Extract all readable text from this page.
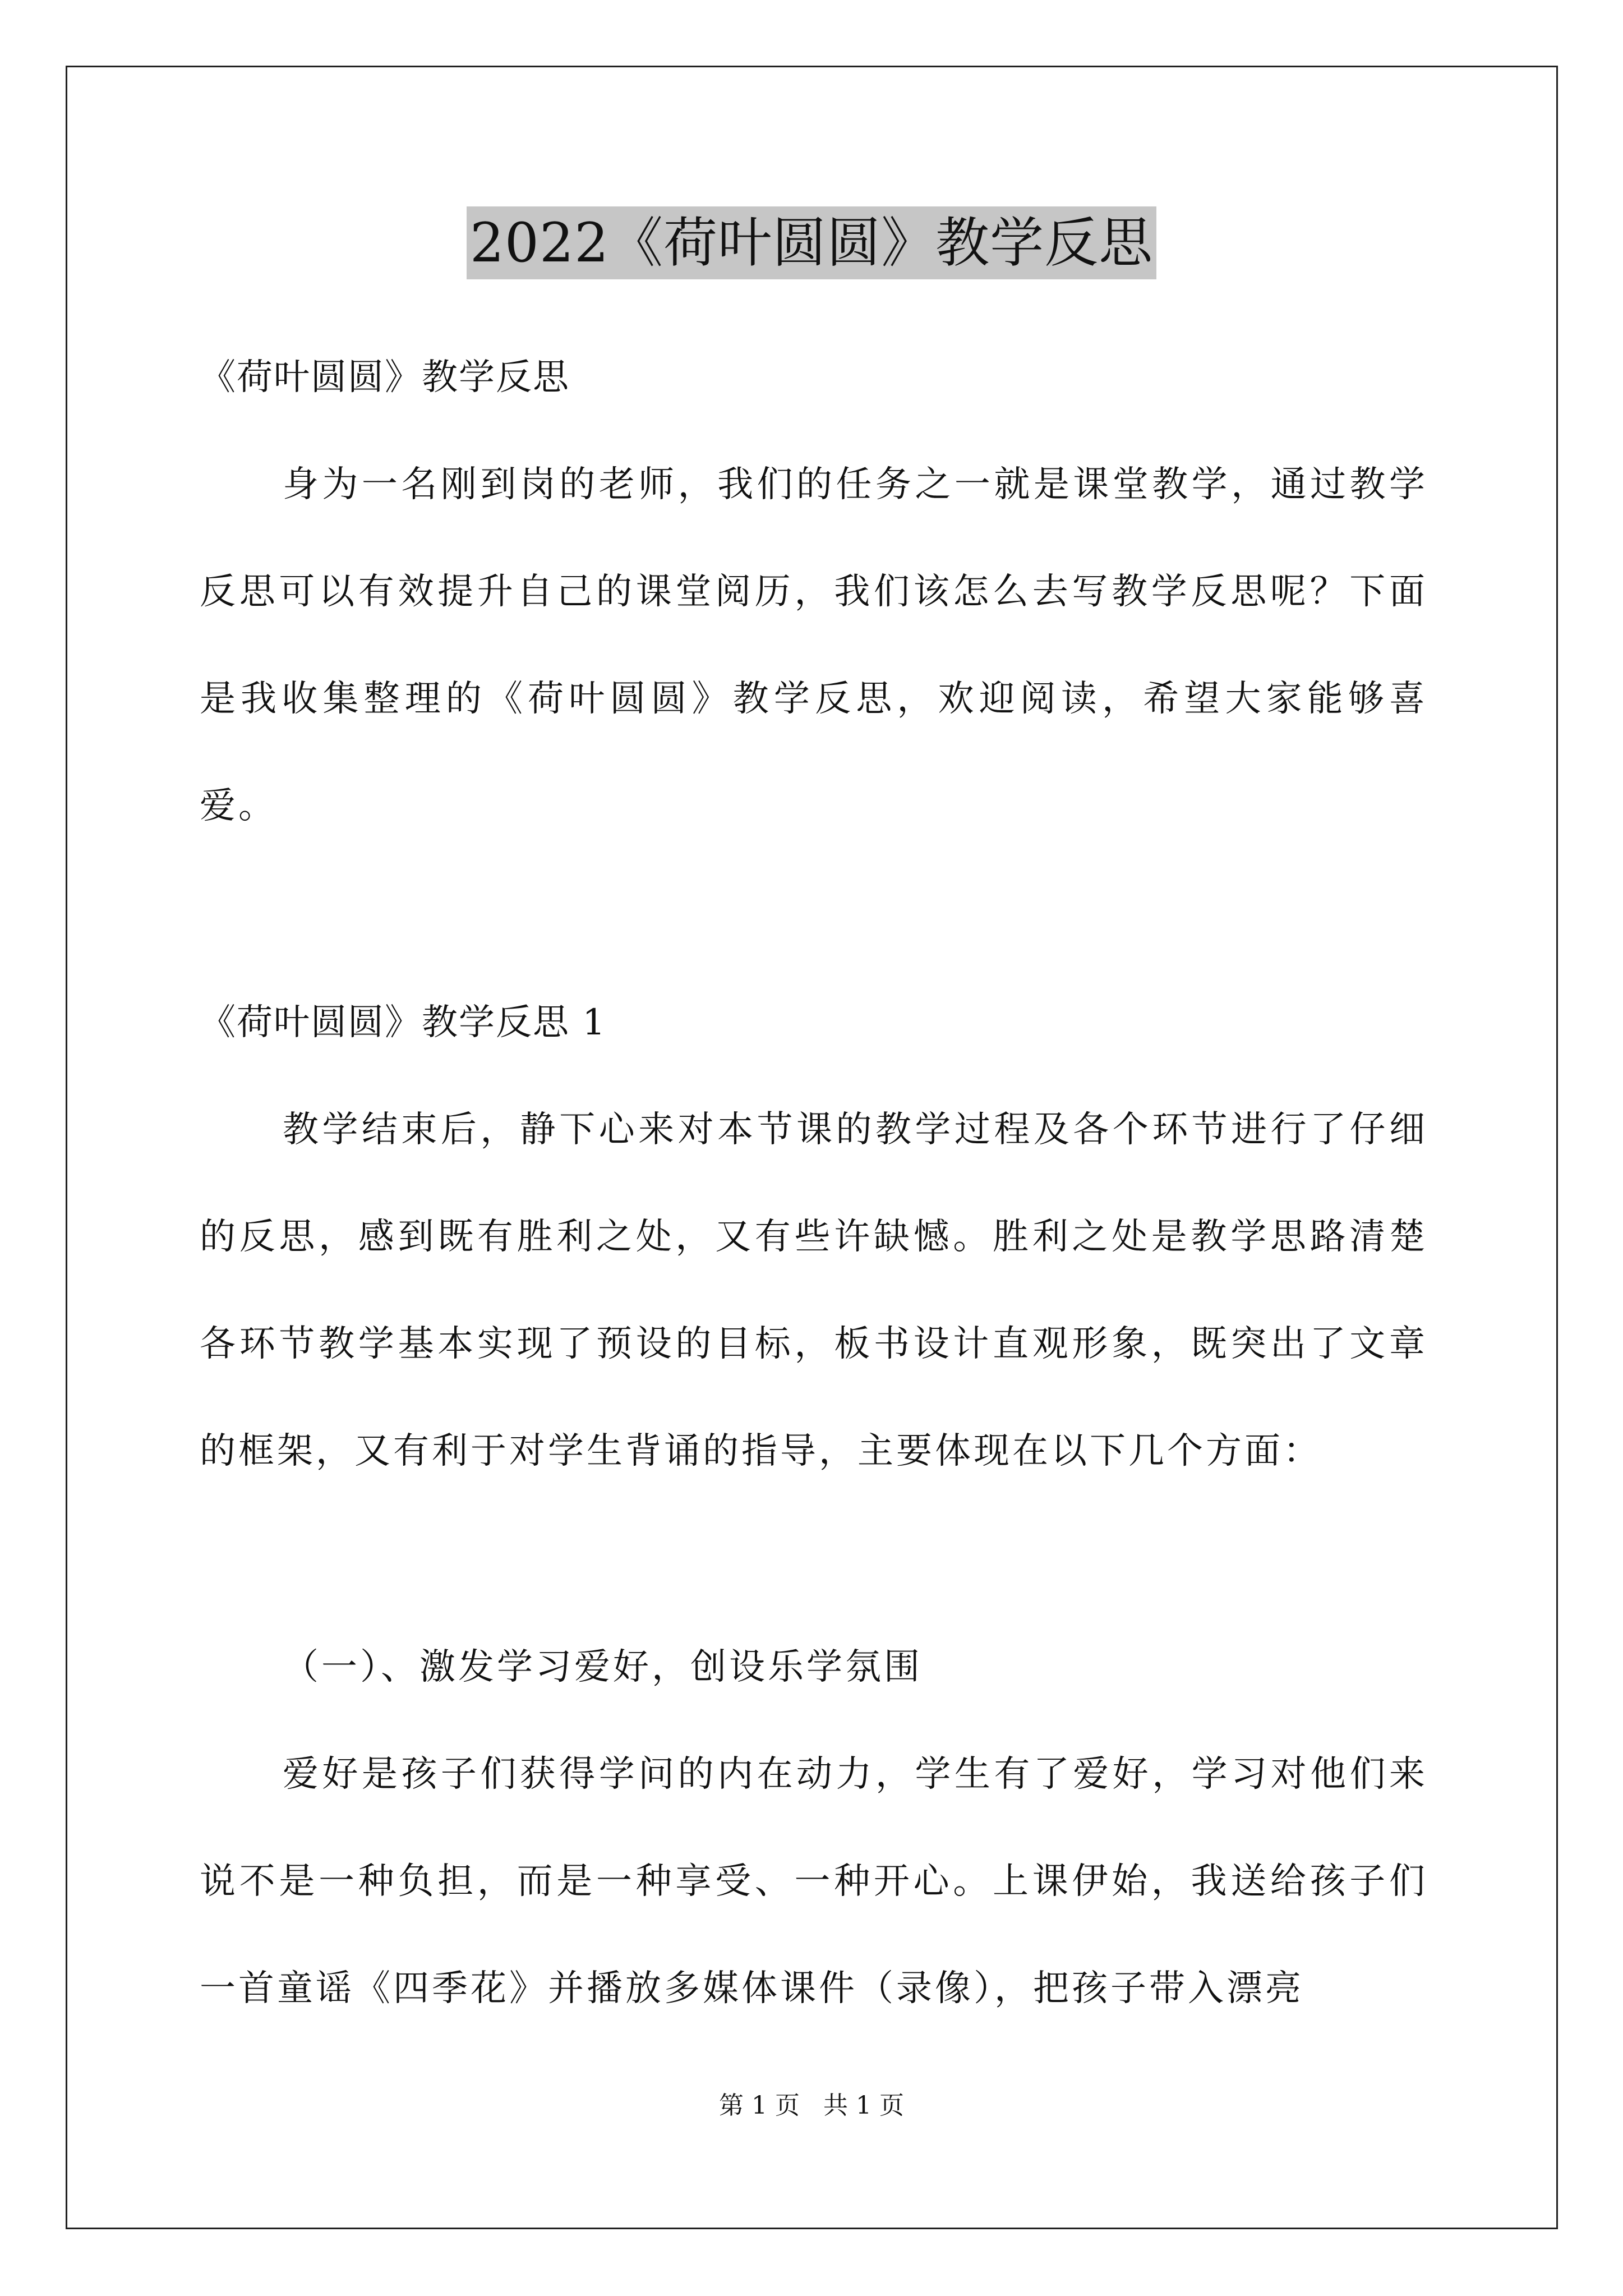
2022《荷叶圆圆》教学反思
《荷叶圆圆》教学反思
身为一名刚到岗的老师，我们的任务之一就是课堂教学，通过教学反思可以有效提升自己的课堂阅历，我们该怎么去写教学反思呢？下面是我收集整理的《荷叶圆圆》教学反思，欢迎阅读，希望大家能够喜爱。
《荷叶圆圆》教学反思 1
教学结束后，静下心来对本节课的教学过程及各个环节进行了仔细的反思，感到既有胜利之处，又有些许缺憾。胜利之处是教学思路清楚各环节教学基本实现了预设的目标，板书设计直观形象，既突出了文章的框架，又有利于对学生背诵的指导，主要体现在以下几个方面：
（一）、激发学习爱好，创设乐学氛围
爱好是孩子们获得学问的内在动力，学生有了爱好，学习对他们来说不是一种负担，而是一种享受、一种开心。上课伊始，我送给孩子们一首童谣《四季花》并播放多媒体课件（录像），把孩子带入漂亮
第 1 页 共 1 页
